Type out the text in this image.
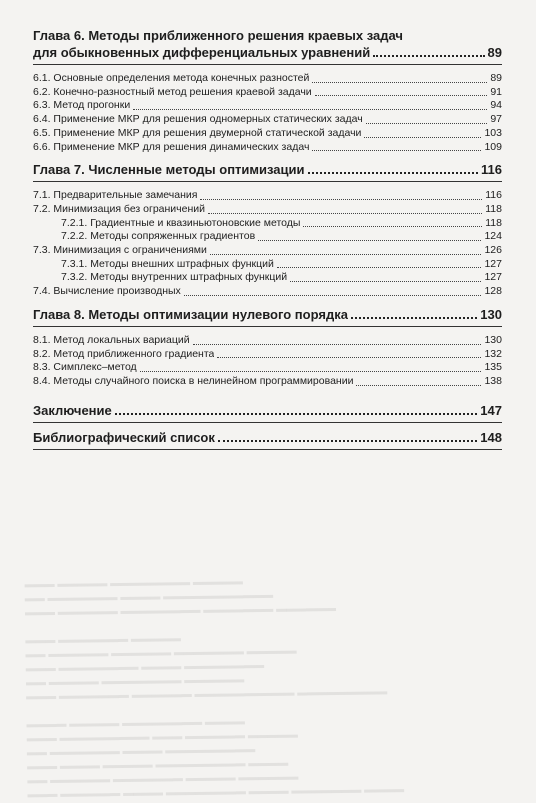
▬▬▬ ▬▬▬▬▬▬ ▬▬▬▬ ▬▬▬▬▬▬▬▬ ▬▬▬▬ ▬▬▬▬▬▬▬ ▬▬▬▬
▬▬ ▬▬▬▬▬▬ ▬▬▬▬▬▬▬ ▬▬▬▬▬ ▬▬▬▬▬▬
▬▬▬ ▬▬▬▬ ▬▬▬▬▬ ▬▬▬▬▬▬▬▬▬ ▬▬▬▬
▬▬ ▬▬▬▬▬▬▬ ▬▬▬▬ ▬▬▬▬▬▬▬▬▬
▬▬▬ ▬▬▬▬▬▬▬▬▬ ▬▬▬ ▬▬▬▬▬▬ ▬▬▬▬▬
▬▬▬▬ ▬▬▬▬▬ ▬▬▬▬▬▬▬▬ ▬▬▬▬

▬▬▬ ▬▬▬▬▬▬▬ ▬▬▬▬▬▬ ▬▬▬▬▬▬▬▬▬▬ ▬▬▬▬▬▬▬▬▬
▬▬ ▬▬▬▬▬ ▬▬▬▬▬▬▬▬ ▬▬▬▬▬▬
▬▬▬ ▬▬▬▬▬▬▬▬ ▬▬▬▬ ▬▬▬▬▬▬▬▬
▬▬ ▬▬▬▬▬▬ ▬▬▬▬▬▬ ▬▬▬▬▬▬▬ ▬▬▬▬▬
▬▬▬ ▬▬▬▬▬▬▬ ▬▬▬▬▬

▬▬▬ ▬▬▬▬▬▬ ▬▬▬▬▬▬▬▬ ▬▬▬▬▬▬▬ ▬▬▬▬▬▬
▬▬ ▬▬▬▬▬▬▬ ▬▬▬▬ ▬▬▬▬▬▬▬▬▬▬▬
▬▬▬ ▬▬▬▬▬ ▬▬▬▬▬▬▬▬ ▬▬▬▬▬
Глава 6. Методы приближенного решения краевых задач
для обыкновенных дифференциальных уравнений	89
6.1. Основные определения метода конечных разностей	89
6.2. Конечно-разностный метод решения краевой задачи	91
6.3. Метод прогонки	94
6.4. Применение МКР для решения одномерных статических задач	97
6.5. Применение МКР для решения двумерной статической задачи	103
6.6. Применение МКР для решения динамических задач	109
Глава 7. Численные методы оптимизации	116
7.1. Предварительные замечания	116
7.2. Минимизация без ограничений	118
7.2.1. Градиентные и квазиньютоновские методы	118
7.2.2. Методы сопряженных градиентов	124
7.3. Минимизация с ограничениями	126
7.3.1. Методы внешних штрафных функций	127
7.3.2. Методы внутренних штрафных функций	127
7.4. Вычисление производных	128
Глава 8. Методы оптимизации нулевого порядка	130
8.1. Метод локальных вариаций	130
8.2. Метод приближенного градиента	132
8.3. Симплекс–метод	135
8.4. Методы случайного поиска в нелинейном программировании	138
Заключение	147
Библиографический список	148
